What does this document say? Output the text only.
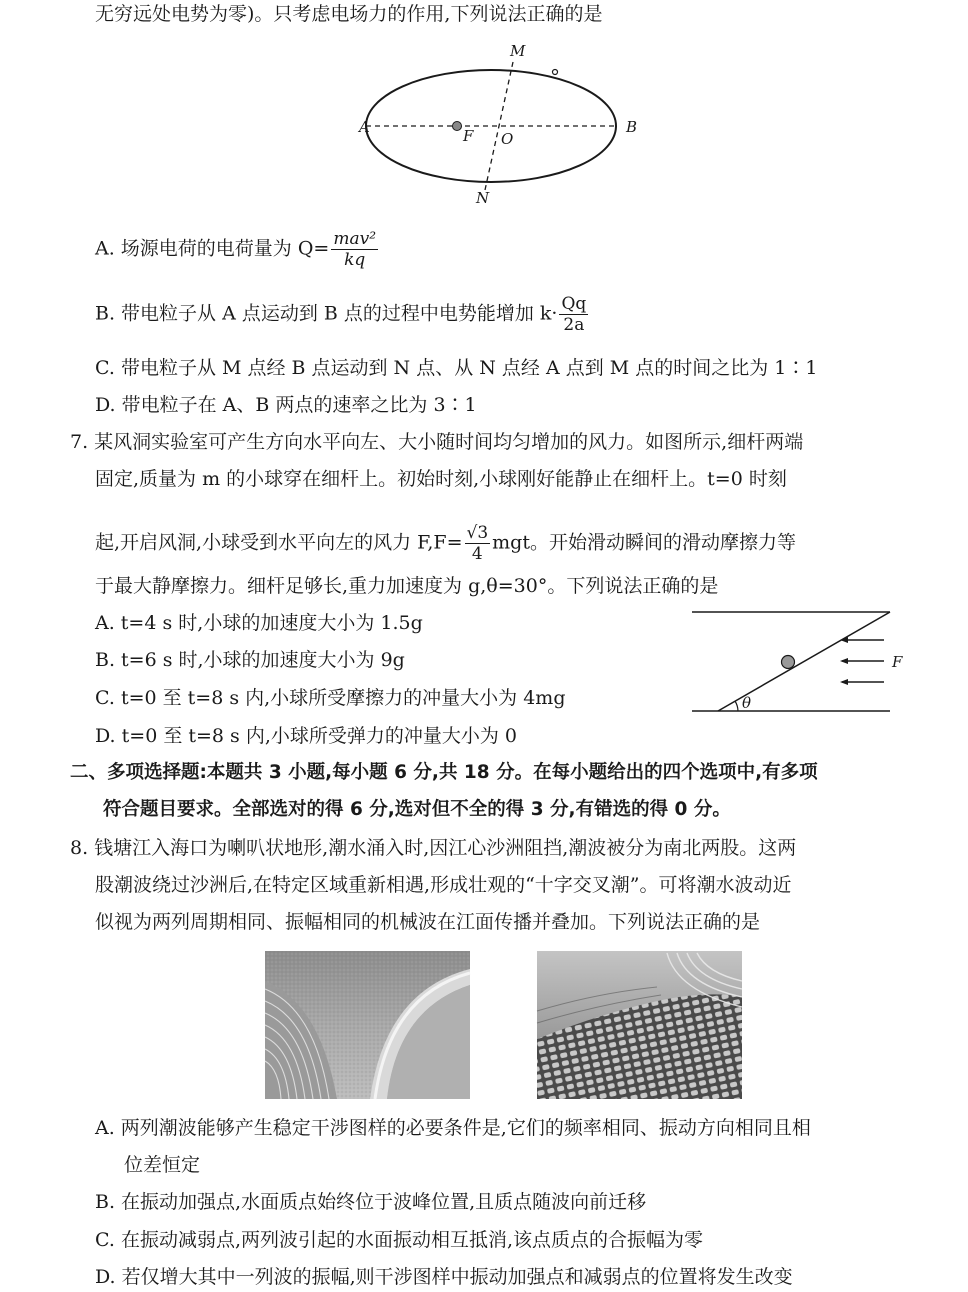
无穷远处电势为零)。只考虑电场力的作用,下列说法正确的是
M
N
A	B
F O
A. 场源电荷的电荷量为 $Q= \frac{\text{mav²}}{kq}$
B. 带电粒子从 A 点运动到 B 点的过程中电势能增加 $k\cdot \frac{Qq}{2a}$
C. 带电粒子从 M 点经 B 点运动到 N 点、从 N 点经 A 点到 M 点的时间之比为 1∶1
D. 带电粒子在 A、B 两点的速率之比为 3∶1
7. 某风洞实验室可产生方向水平向左、大小随时间均匀增加的风力。如图所示,细杆两端
固定,质量为 m 的小球穿在细杆上。初始时刻,小球刚好能静止在细杆上。t=0 时刻
起,开启风洞,小球受到水平向左的风力 $F,F= \frac{√3}{4}$ mgt。开始滑动瞬间的滑动摩擦力等
于最大静摩擦力。细杆足够长,重力加速度为 g,θ=30°。下列说法正确的是
A. t=4 s 时,小球的加速度大小为 1.5g
B. t=6 s 时,小球的加速度大小为 9g
C. t=0 至 t=8 s 内,小球所受摩擦力的冲量大小为 4mg
D. t=0 至 t=8 s 内,小球所受弹力的冲量大小为 0
F
θ
二、多项选择题:本题共 3 小题,每小题 6 分,共 18 分。在每小题给出的四个选项中,有多项
符合题目要求。全部选对的得 6 分,选对但不全的得 3 分,有错选的得 0 分。
8. 钱塘江入海口为喇叭状地形,潮水涌入时,因江心沙洲阻挡,潮波被分为南北两股。这两
股潮波绕过沙洲后,在特定区域重新相遇,形成壮观的“十字交叉潮”。可将潮水波动近
似视为两列周期相同、振幅相同的机械波在江面传播并叠加。下列说法正确的是
A. 两列潮波能够产生稳定干涉图样的必要条件是,它们的频率相同、振动方向相同且相
位差恒定
B. 在振动加强点,水面质点始终位于波峰位置,且质点随波向前迁移
C. 在振动减弱点,两列波引起的水面振动相互抵消,该点质点的合振幅为零
D. 若仅增大其中一列波的振幅,则干涉图样中振动加强点和减弱点的位置将发生改变
